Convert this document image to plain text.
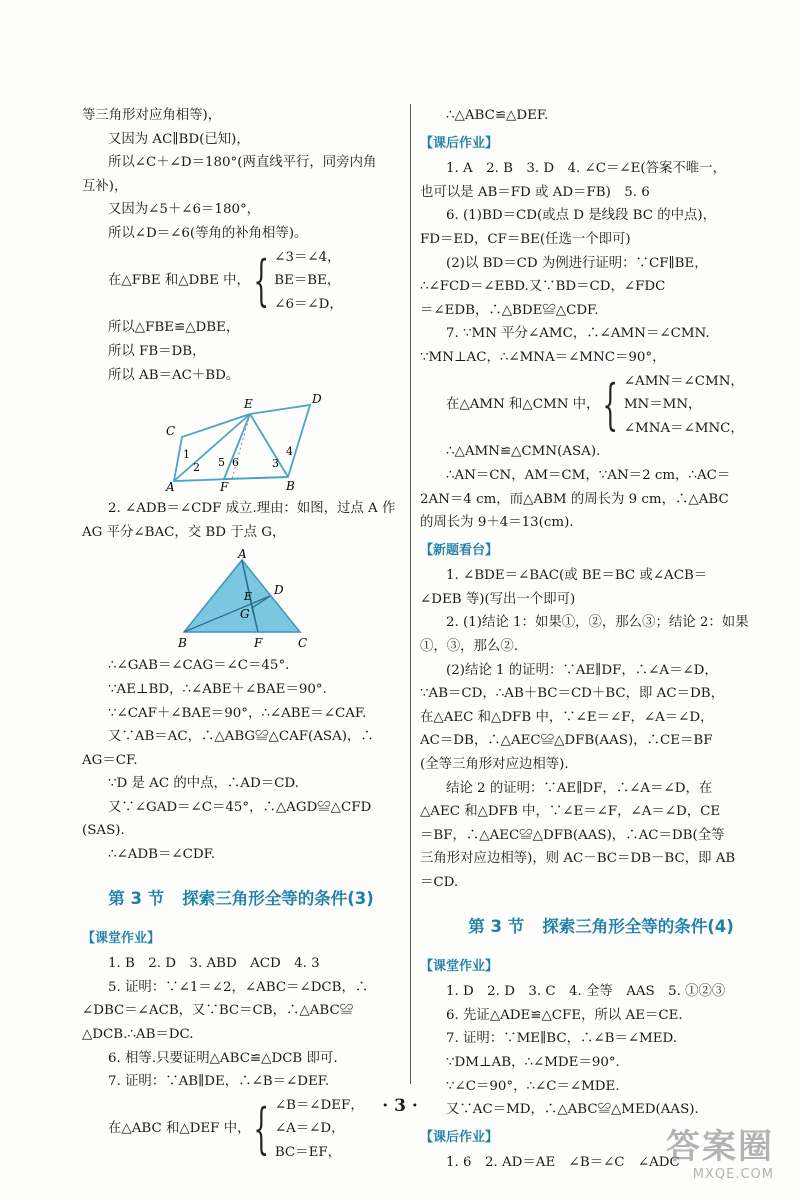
等三角形对应角相等)，
又因为 AC∥BD(已知)，
所以∠C＋∠D＝180°(两直线平行，同旁内角
互补)，
又因为∠5＋∠6＝180°，
所以∠D＝∠6(等角的补角相等)。
在△FBE 和△DBE 中， { ∠3＝∠4，
BE＝BE，
∠6＝∠D，
所以△FBE≌△DBE，
所以 FB＝DB，
所以 AB＝AC＋BD。
C
E	D
1
2 5 6	3
4
A	F	B
2. ∠ADB＝∠CDF 成立.理由：如图，过点 A 作
AG 平分∠BAC，交 BD 于点 G，
A
D
E
G
B	F	C
∴∠GAB＝∠CAG＝∠C＝45°.
∵AE⊥BD，∴∠ABE＋∠BAE＝90°.
∵∠CAF＋∠BAE＝90°，∴∠ABE＝∠CAF.
又∵AB＝AC，∴△ABG≌△CAF(ASA)，∴
AG＝CF.
∵D 是 AC 的中点，∴AD＝CD.
又∵∠GAD＝∠C＝45°，∴△AGD≌△CFD
(SAS).
∴∠ADB＝∠CDF.
第 3 节 探索三角形全等的条件(3)
【课堂作业】
1. B　2. D　3. ABD　ACD　4. 3
5. 证明：∵∠1＝∠2，∠ABC＝∠DCB，∴
∠DBC＝∠ACB，又∵BC＝CB，∴△ABC≌
△DCB.∴AB＝DC.
6. 相等.只要证明△ABC≌△DCB 即可.
7. 证明：∵AB∥DE，∴∠B＝∠DEF.
在△ABC 和△DEF 中， { ∠B＝∠DEF，
∠A＝∠D，
BC＝EF，
∴△ABC≌△DEF.
【课后作业】
1. A　2. B　3. D　4. ∠C＝∠E(答案不唯一，
也可以是 AB＝FD 或 AD＝FB)　5. 6
6. (1)BD＝CD(或点 D 是线段 BC 的中点)，
FD＝ED，CF＝BE(任选一个即可)
(2)以 BD＝CD 为例进行证明：∵CF∥BE，
∴∠FCD＝∠EBD.又∵BD＝CD，∠FDC
＝∠EDB，∴△BDE≌△CDF.
7. ∵MN 平分∠AMC，∴∠AMN＝∠CMN.
∵MN⊥AC，∴∠MNA＝∠MNC＝90°，
在△AMN 和△CMN 中， { ∠AMN＝∠CMN，
MN＝MN，
∠MNA＝∠MNC，
∴△AMN≌△CMN(ASA).
∴AN＝CN，AM＝CM，∵AN＝2 cm，∴AC＝
2AN＝4 cm，而△ABM 的周长为 9 cm，∴△ABC
的周长为 9＋4＝13(cm).
【新题看台】
1. ∠BDE＝∠BAC(或 BE＝BC 或∠ACB＝
∠DEB 等)(写出一个即可)
2. (1)结论 1：如果①，②，那么③；结论 2：如果
①，③，那么②.
(2)结论 1 的证明：∵AE∥DF，∴∠A＝∠D，
∵AB＝CD，∴AB＋BC＝CD＋BC，即 AC＝DB，
在△AEC 和△DFB 中，∵∠E＝∠F，∠A＝∠D，
AC＝DB，∴△AEC≌△DFB(AAS)，∴CE＝BF
(全等三角形对应边相等).
结论 2 的证明：∵AE∥DF，∴∠A＝∠D，在
△AEC 和△DFB 中，∵∠E＝∠F，∠A＝∠D，CE
＝BF，∴△AEC≌△DFB(AAS)，∴AC＝DB(全等
三角形对应边相等)，则 AC－BC＝DB－BC，即 AB
＝CD.
第 3 节 探索三角形全等的条件(4)
【课堂作业】
1. D　2. D　3. C　4. 全等　AAS　5. ①②③
6. 先证△ADE≌△CFE，所以 AE＝CE.
7. 证明：∵ME∥BC，∴∠B＝∠MED.
∵DM⊥AB，∴∠MDE＝90°.
∵∠C＝90°，∴∠C＝∠MDE.
又∵AC＝MD，∴△ABC≌△MED(AAS).
【课后作业】
1. 6　2. AD＝AE　∠B＝∠C　∠ADC
· 3 ·
答案圈
MXQE.COM
